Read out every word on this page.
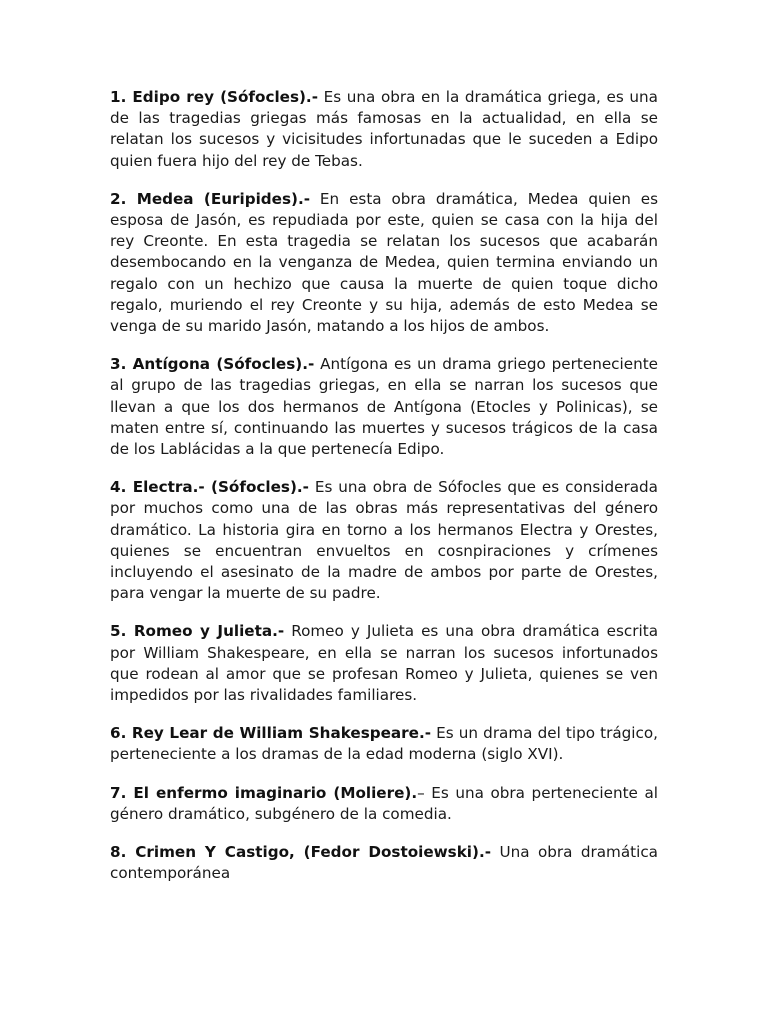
1. Edipo rey (Sófocles).- Es una obra en la dramática griega, es una de las tragedias griegas más famosas en la actualidad, en ella se relatan los sucesos y vicisitudes infortunadas que le suceden a Edipo quien fuera hijo del rey de Tebas.

2. Medea (Euripides).- En esta obra dramática, Medea quien es esposa de Jasón, es repudiada por este, quien se casa con la hija del rey Creonte. En esta tragedia se relatan los sucesos que acabarán desembocando en la venganza de Medea, quien termina enviando un regalo con un hechizo que causa la muerte de quien toque dicho regalo, muriendo el rey Creonte y su hija, además de esto Medea se venga de su marido Jasón, matando a los hijos de ambos.

3. Antígona (Sófocles).- Antígona es un drama griego perteneciente al grupo de las tragedias griegas, en ella se narran los sucesos que llevan a que los dos hermanos de Antígona (Etocles y Polinicas), se maten entre sí, continuando las muertes y sucesos trágicos de la casa de los Lablácidas a la que pertenecía Edipo.

4. Electra.- (Sófocles).- Es una obra de Sófocles que es considerada por muchos como una de las obras más representativas del género dramático. La historia gira en torno a los hermanos Electra y Orestes, quienes se encuentran envueltos en cosnpiraciones y crímenes incluyendo el asesinato de la madre de ambos por parte de Orestes, para vengar la muerte de su padre.

5. Romeo y Julieta.- Romeo y Julieta es una obra dramática escrita por William Shakespeare, en ella se narran los sucesos infortunados que rodean al amor que se profesan Romeo y Julieta, quienes se ven impedidos por las rivalidades familiares.

6. Rey Lear de William Shakespeare.- Es un drama del tipo trágico, perteneciente a los dramas de la edad moderna (siglo XVI).

7. El enfermo imaginario (Moliere).– Es una obra perteneciente al género dramático, subgénero de la comedia.

8. Crimen Y Castigo, (Fedor Dostoiewski).- Una obra dramática contemporánea
